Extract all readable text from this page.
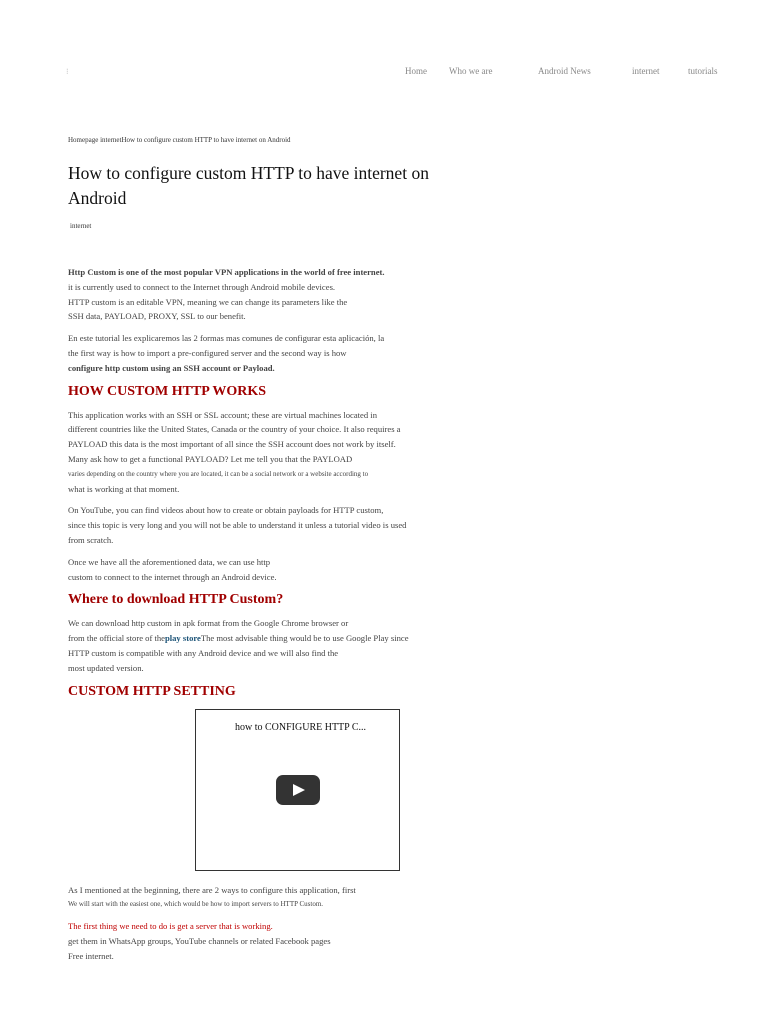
⁝	Home Who we are	Android News	internet	tutorials
Homepage internetHow to configure custom HTTP to have internet on Android
How to configure custom HTTP to have internet on Android
internet

Http Custom is one of the most popular VPN applications in the world of free internet.
it is currently used to connect to the Internet through Android mobile devices.
HTTP custom is an editable VPN, meaning we can change its parameters like the
SSH data, PAYLOAD, PROXY, SSL to our benefit.

En este tutorial les explicaremos las 2 formas mas comunes de configurar esta aplicación, la
the first way is how to import a pre-configured server and the second way is how
configure http custom using an SSH account or Payload.

HOW CUSTOM HTTP WORKS

This application works with an SSH or SSL account; these are virtual machines located in
different countries like the United States, Canada or the country of your choice. It also requires a
PAYLOAD this data is the most important of all since the SSH account does not work by itself.
Many ask how to get a functional PAYLOAD? Let me tell you that the PAYLOAD
varies depending on the country where you are located, it can be a social network or a website according to
what is working at that moment.

On YouTube, you can find videos about how to create or obtain payloads for HTTP custom,
since this topic is very long and you will not be able to understand it unless a tutorial video is used
from scratch.

Once we have all the aforementioned data, we can use http
custom to connect to the internet through an Android device.

Where to download HTTP Custom?

We can download http custom in apk format from the Google Chrome browser or
from the official store of theplay storeThe most advisable thing would be to use Google Play since
HTTP custom is compatible with any Android device and we will also find the
most updated version.

CUSTOM HTTP SETTING
how to CONFIGURE HTTP C...

As I mentioned at the beginning, there are 2 ways to configure this application, first
We will start with the easiest one, which would be how to import servers to HTTP Custom.

The first thing we need to do is get a server that is working.
get them in WhatsApp groups, YouTube channels or related Facebook pages
Free internet.
